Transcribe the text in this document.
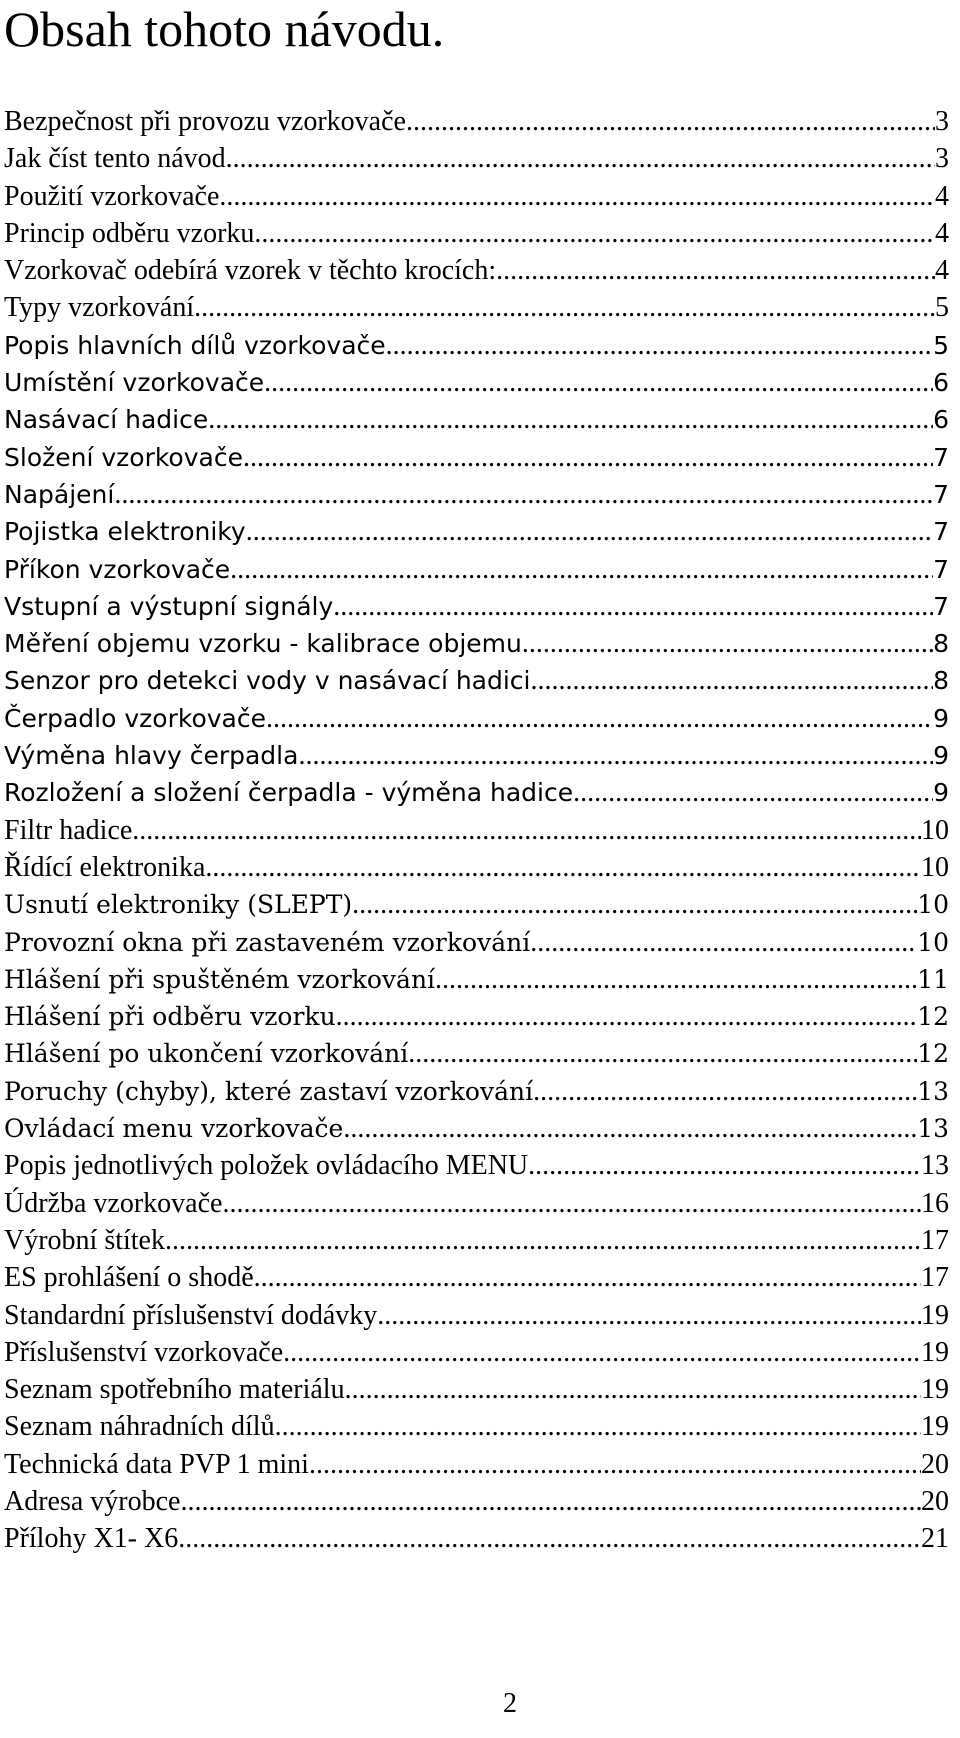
Obsah tohoto návodu.
Bezpečnost při provozu vzorkovače .....	3
Jak číst tento návod .....	3
Použití vzorkovače .....	4
Princip odběru vzorku .....	4
Vzorkovač odebírá vzorek v těchto krocích: .....	4
Typy vzorkování .....	5
Popis hlavních dílů vzorkovače .....	5
Umístění vzorkovače .....	6
Nasávací hadice .....	6
Složení vzorkovače .....	7
Napájení .....	7
Pojistka elektroniky .....	7
Příkon vzorkovače .....	7
Vstupní a výstupní signály .....	7
Měření objemu vzorku - kalibrace objemu .....	8
Senzor pro detekci vody v nasávací hadici .....	8
Čerpadlo vzorkovače .....	9
Výměna hlavy čerpadla .....	9
Rozložení a složení čerpadla - výměna hadice .....	9
Filtr hadice .....	10
Řídící elektronika .....	10
Usnutí elektroniky (SLEPT) .....	10
Provozní okna při zastaveném vzorkování .....	10
Hlášení při spuštěném vzorkování .....	11
Hlášení při odběru vzorku .....	12
Hlášení po ukončení vzorkování .....	12
Poruchy (chyby), které zastaví vzorkování .....	13
Ovládací menu vzorkovače .....	13
Popis jednotlivých položek ovládacího MENU .....	13
Údržba vzorkovače .....	16
Výrobní štítek .....	17
ES prohlášení o shodě .....	17
Standardní příslušenství dodávky .....	19
Příslušenství vzorkovače .....	19
Seznam spotřebního materiálu .....	19
Seznam náhradních dílů .....	19
Technická data PVP 1 mini .....	20
Adresa výrobce .....	20
Přílohy X1- X6 .....	21
2
